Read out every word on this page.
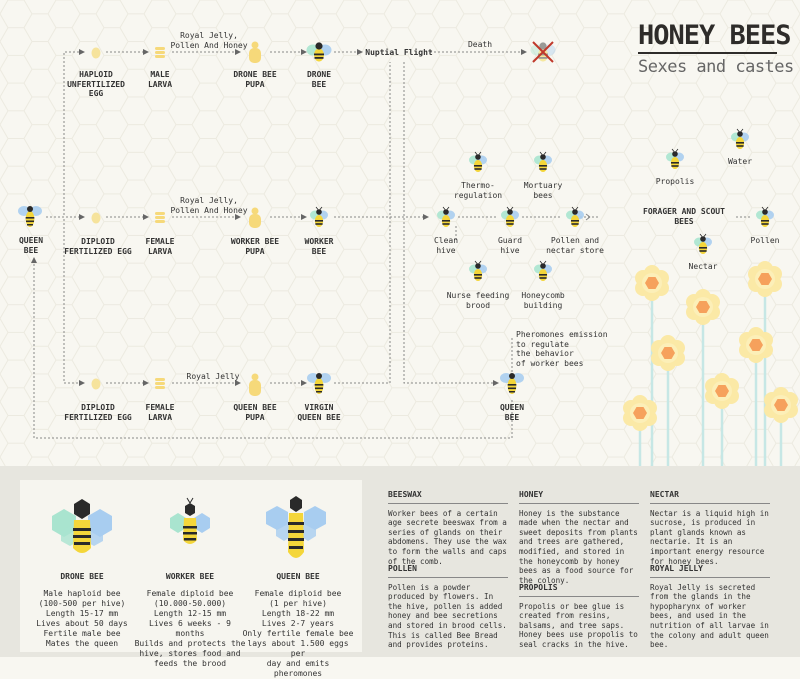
HONEY BEES
Sexes and castes
QUEEN
BEE
HAPLOID
UNFERTILIZED
EGG
MALE
LARVA
DRONE BEE
PUPA
DRONE
BEE
DIPLOID
FERTILIZED EGG
FEMALE
LARVA
WORKER BEE
PUPA
WORKER
BEE
DIPLOID
FERTILIZED EGG
FEMALE
LARVA
QUEEN BEE
PUPA
VIRGIN
QUEEN BEE
QUEEN
BEE
Royal Jelly,
Pollen And Honey
Royal Jelly,
Pollen And Honey
Royal Jelly
Nuptial Flight
Death
Pheromones emission
to regulate
the behavior
of worker bees
FORAGER AND SCOUT BEES
Thermo-
regulation
Mortuary
bees
Clean
hive
Guard
hive
Pollen and
nectar store
Nurse feeding
brood
Honeycomb
building
Propolis
Water
Pollen
Nectar
DRONE BEE
Male haploid bee
(100-500 per hive)
Length 15-17 mm
Lives about 50 days
Fertile male bee
Mates the queen
WORKER BEE
Female diploid bee
(10.000-50.000)
Length 12-15 mm
Lives 6 weeks - 9 months
Builds and protects the
hive, stores food and
feeds the brood
QUEEN BEE
Female diploid bee
(1 per hive)
Length 18-22 mm
Lives 2-7 years
Only fertile female bee
lays about 1.500 eggs per
day and emits pheromones
BEESWAX
Worker bees of a certain age secrete beeswax from a series of glands on their abdomens. They use the wax to form the walls and caps of the comb.
POLLEN
Pollen is a powder produced by flowers. In the hive, pollen is added honey and bee secretions and stored in brood cells. This is called Bee Bread and provides proteins.
HONEY
Honey is the substance made when the nectar and sweet deposits from plants and trees are gathered, modified, and stored in the honeycomb by honey bees as a food source for the colony.
PROPOLIS
Propolis or bee glue is created from resins, balsams, and tree saps. Honey bees use propolis to seal cracks in the hive.
NECTAR
Nectar is a liquid high in sucrose, is produced in plant glands known as nectarie. It is an important energy resource for honey bees.
ROYAL JELLY
Royal Jelly is secreted from the glands in the hypopharynx of worker bees, and used in the nutrition of all larvae in the colony and adult queen bee.
